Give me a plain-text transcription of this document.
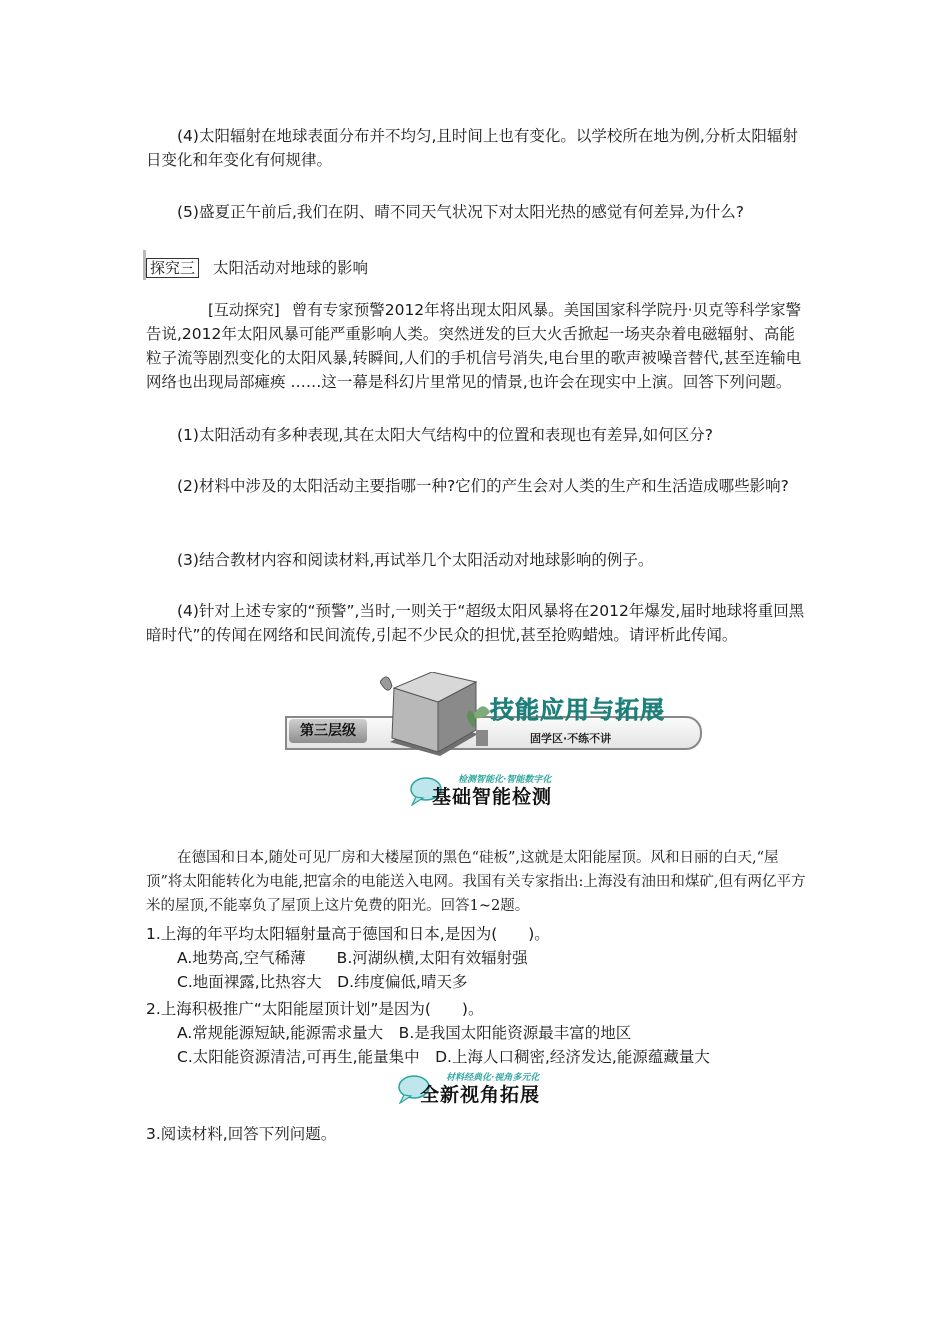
(4)太阳辐射在地球表面分布并不均匀,且时间上也有变化。以学校所在地为例,分析太阳辐射日变化和年变化有何规律。

(5)盛夏正午前后,我们在阴、晴不同天气状况下对太阳光热的感觉有何差异,为什么?

探究三 太阳活动对地球的影响

[互动探究] 曾有专家预警2012年将出现太阳风暴。美国国家科学院丹·贝克等科学家警告说,2012年太阳风暴可能严重影响人类。突然迸发的巨大火舌掀起一场夹杂着电磁辐射、高能粒子流等剧烈变化的太阳风暴,转瞬间,人们的手机信号消失,电台里的歌声被噪音替代,甚至连输电网络也出现局部瘫痪 ……这一幕是科幻片里常见的情景,也许会在现实中上演。回答下列问题。

(1)太阳活动有多种表现,其在太阳大气结构中的位置和表现也有差异,如何区分?

(2)材料中涉及的太阳活动主要指哪一种?它们的产生会对人类的生产和生活造成哪些影响?

(3)结合教材内容和阅读材料,再试举几个太阳活动对地球影响的例子。

(4)针对上述专家的“预警”,当时,一则关于“超级太阳风暴将在2012年爆发,届时地球将重回黑暗时代”的传闻在网络和民间流传,引起不少民众的担忧,甚至抢购蜡烛。请评析此传闻。

第三层级
技能应用与拓展
固学区·不练不讲
检测智能化·智能数字化
基础智能检测

在德国和日本,随处可见厂房和大楼屋顶的黑色“硅板”,这就是太阳能屋顶。风和日丽的白天,“屋顶”将太阳能转化为电能,把富余的电能送入电网。我国有关专家指出:上海没有油田和煤矿,但有两亿平方米的屋顶,不能辜负了屋顶上这片免费的阳光。回答1~2题。

1.上海的年平均太阳辐射量高于德国和日本,是因为(　　)。

A.地势高,空气稀薄　　B.河湖纵横,太阳有效辐射强

C.地面裸露,比热容大　D.纬度偏低,晴天多

2.上海积极推广“太阳能屋顶计划”是因为(　　)。

A.常规能源短缺,能源需求量大　B.是我国太阳能资源最丰富的地区

C.太阳能资源清洁,可再生,能量集中　D.上海人口稠密,经济发达,能源蕴藏量大

材料经典化·视角多元化
全新视角拓展

3.阅读材料,回答下列问题。
